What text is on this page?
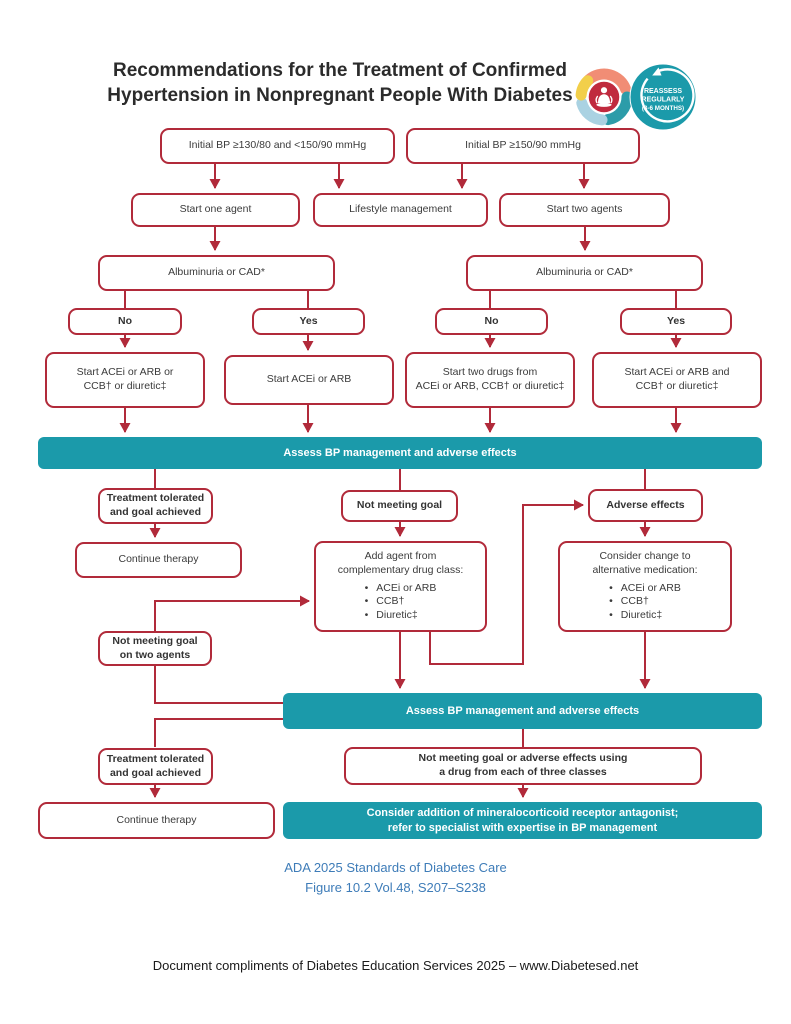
Recommendations for the Treatment of Confirmed
Hypertension in Nonpregnant People With Diabetes	REASSESS
REGULARLY
(3-6 MONTHS)
Initial BP ≥130/80 and <150/90 mmHg	Initial BP ≥150/90 mmHg
Start one agent	Lifestyle management	Start two agents
Albuminuria or CAD*	Albuminuria or CAD*
No	Yes	No	Yes
Start ACEi or ARB or
CCB† or diuretic‡
Start ACEi or ARB
Start two drugs from
ACEi or ARB, CCB† or diuretic‡
Start ACEi or ARB and
CCB† or diuretic‡
Assess BP management and adverse effects
Treatment tolerated
and goal achieved
Not meeting goal	Adverse effects
Continue therapy	Add agent from
complementary drug class:
• ACEi or ARB
• CCB†
• Diuretic‡
Consider change to
alternative medication:
• ACEi or ARB
• CCB†
• Diuretic‡
Not meeting goal
on two agents
Assess BP management and adverse effects
Treatment tolerated
and goal achieved
Not meeting goal or adverse effects using
a drug from each of three classes
Continue therapy
Consider addition of mineralocorticoid receptor antagonist;
refer to specialist with expertise in BP management
ADA 2025 Standards of Diabetes Care
Figure 10.2 Vol.48, S207–S238
Document compliments of Diabetes Education Services 2025 – www.Diabetesed.net
